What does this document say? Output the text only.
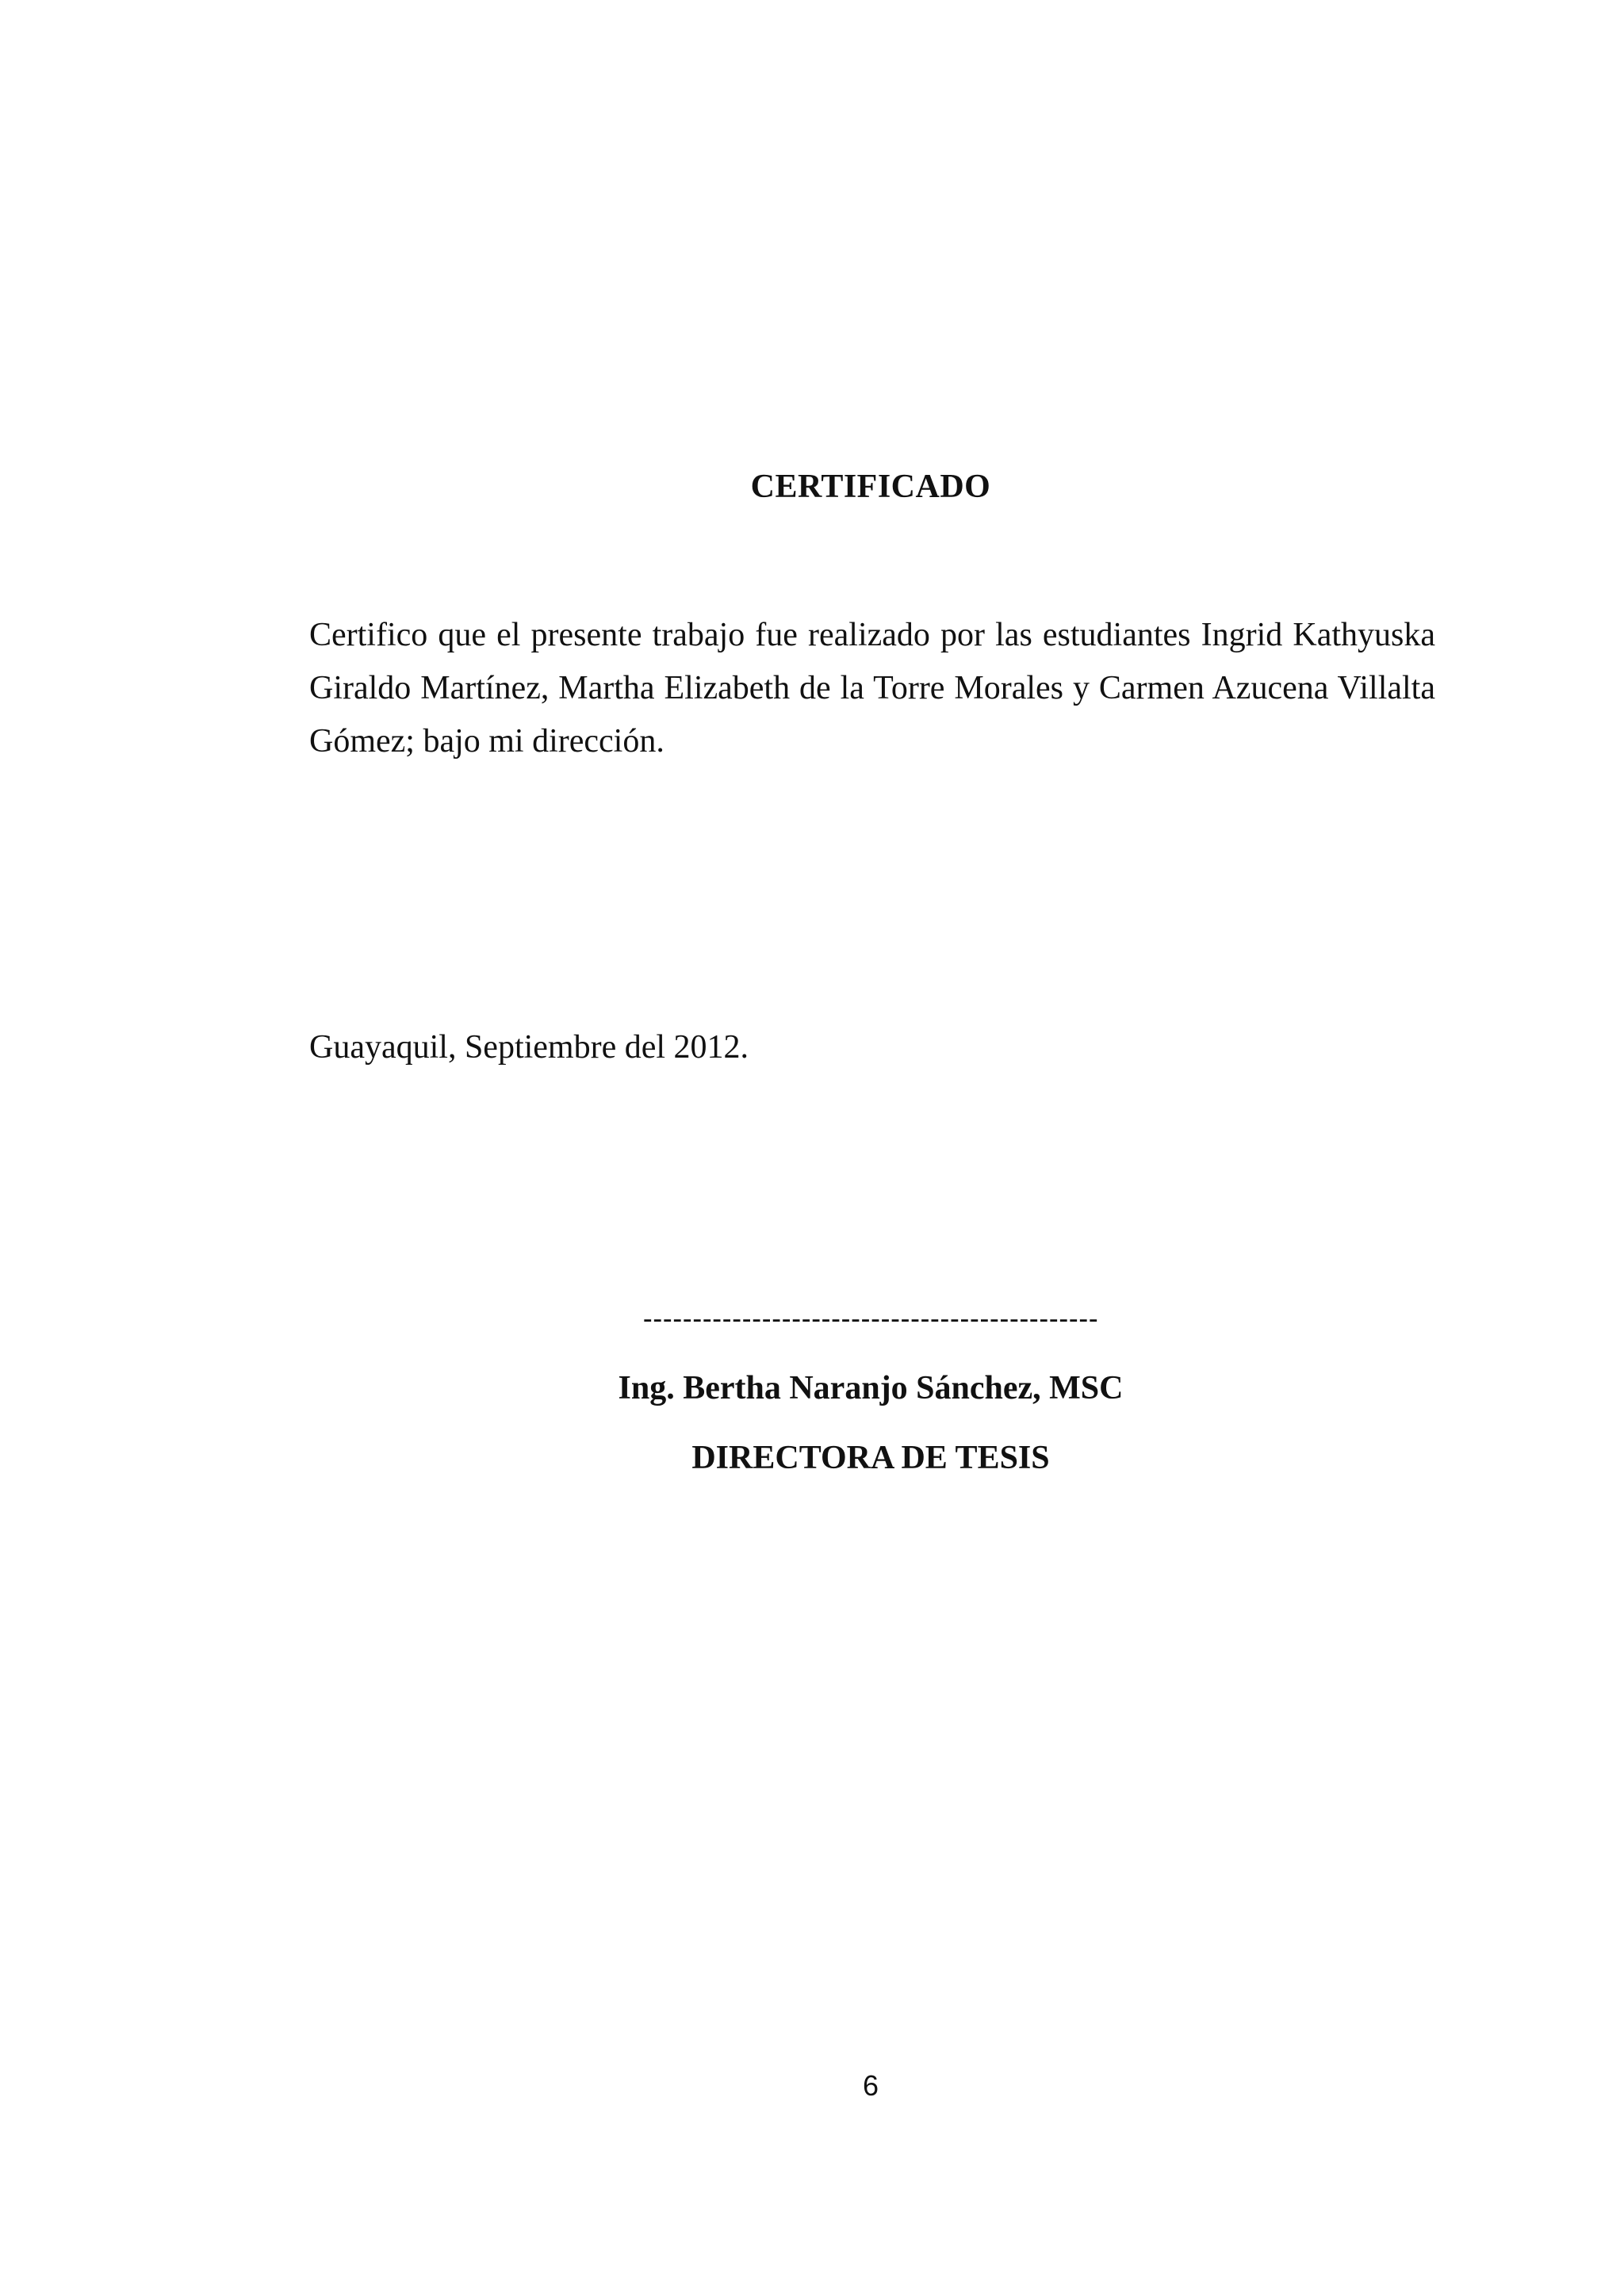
CERTIFICADO

Certifico que el presente trabajo fue realizado por las estudiantes Ingrid Kathyuska Giraldo Martínez, Martha Elizabeth de la Torre Morales y Carmen Azucena Villalta Gómez; bajo mi dirección.

Guayaquil, Septiembre del 2012.

----------------------------------------------

Ing. Bertha Naranjo Sánchez, MSC

DIRECTORA DE TESIS

6
